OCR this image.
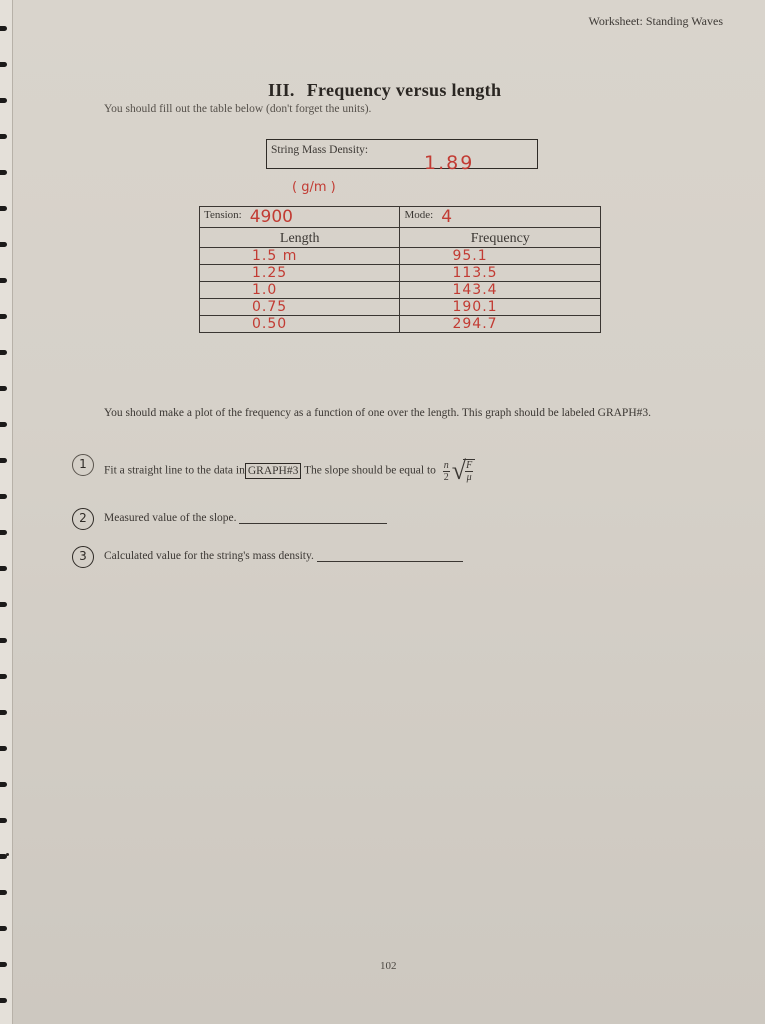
Worksheet: Standing Waves
III. Frequency versus length
You should fill out the table below (don't forget the units).
String Mass Density:
1.89
( g/m )
Tension: 4900	Mode: 4
Length	Frequency
1.5 m	95.1
1.25	113.5
1.0	143.4
0.75	190.1
0.50	294.7
You should make a plot of the frequency as a function of one over the length. This graph should be labeled GRAPH#3.
1	Fit a straight line to the data in GRAPH#3 The slope should be equal to $\frac{n}{2}$ √ $\frac{F}{\mu}$
2	Measured value of the slope.
3	Calculated value for the string's mass density.
102
